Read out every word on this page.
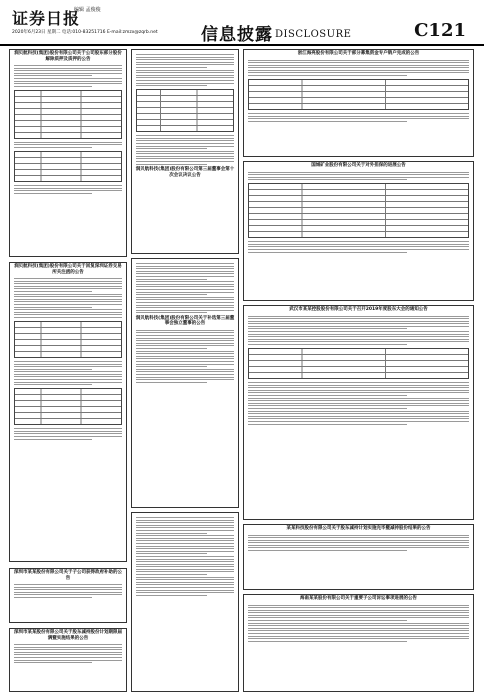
证券日报
编辑 孟俊俊
2020年6月23日 星期二 电话:010-83251716 E-mail:zmzx@zqrb.net	信息披露 DISCLOSURE	C121
润贝航科技(集团)股份有限公司关于公司股东部分股份解除质押及质押的公告
润贝航科技(集团)股份有限公司关于回复深圳证券交易所关注函的公告
深圳市某某股份有限公司关于子公司获得政府补助的公告
深圳市某某股份有限公司关于股东减持股份计划期限届满暨实施结果的公告
润贝航科技(集团)股份有限公司第三届董事会第十次会议决议公告
润贝航科技(集团)股份有限公司关于补选第三届董事会独立董事的公告
浙江海亮股份有限公司关于部分募集资金专户销户完成的公告
国城矿业股份有限公司关于对外担保的进展公告
武汉市某某控股股份有限公司关于召开2019年度股东大会的通知公告
某某科技股份有限公司关于股东减持计划实施完毕暨减持股份结果的公告
海南某某股份有限公司关于重要子公司诉讼事项进展的公告
